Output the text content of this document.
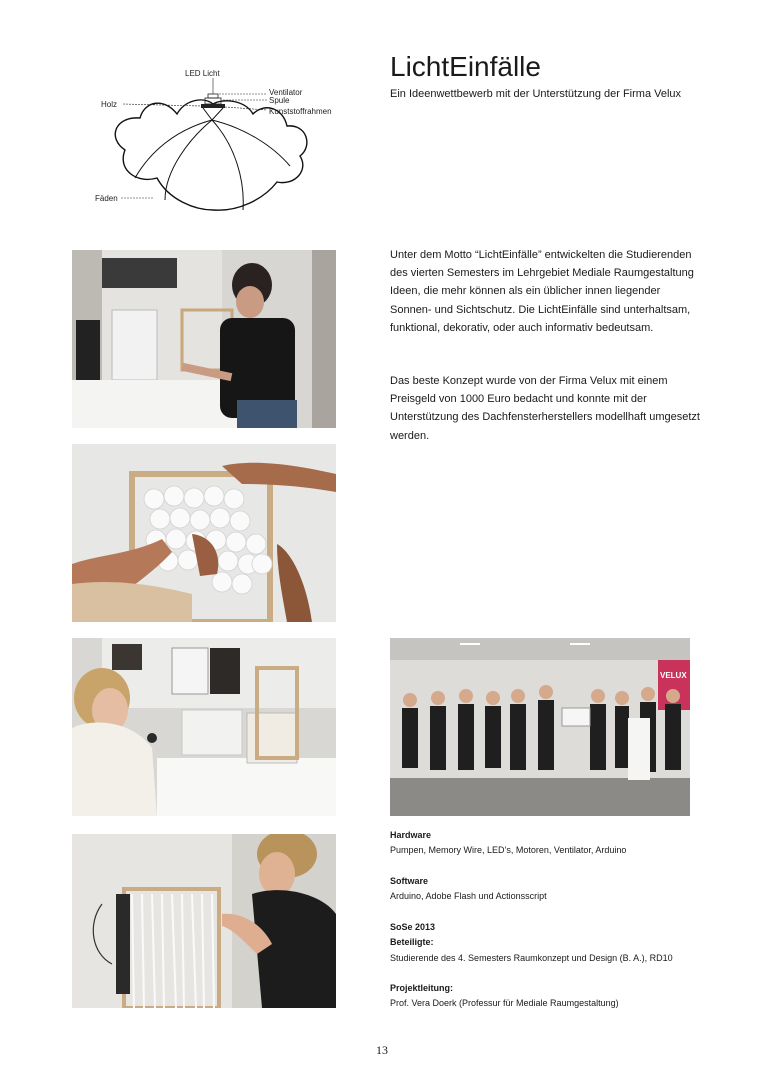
LED Licht
Ventilator
Spule
Kunststoffrahmen
Holz
Fäden
LichtEinfälle

Ein Ideenwettbewerb mit der Unterstützung der Firma Velux

Unter dem Motto “LichtEinfälle” entwickelten die Studierenden des vierten Semesters im Lehrgebiet Mediale Raumgestaltung Ideen, die mehr können als ein üblicher innen liegender Sonnen- und Sichtschutz. Die LichtEinfälle sind unterhaltsam, funktional, dekorativ, oder auch informativ bedeutsam.

Das beste Konzept wurde von der Firma Velux mit einem Preisgeld von 1000 Euro bedacht und konnte mit der Unterstützung des Dachfensterherstellers modellhaft umgesetzt werden.

VELUX

Hardware

Pumpen, Memory Wire, LED’s, Motoren, Ventilator, Arduino

Software

Arduino, Adobe Flash und Actionsscript

SoSe 2013

Beteiligte:

Studierende des 4. Semesters Raumkonzept und Design (B. A.), RD10

Projektleitung:

Prof. Vera Doerk (Professur für Mediale Raumgestaltung)

13
